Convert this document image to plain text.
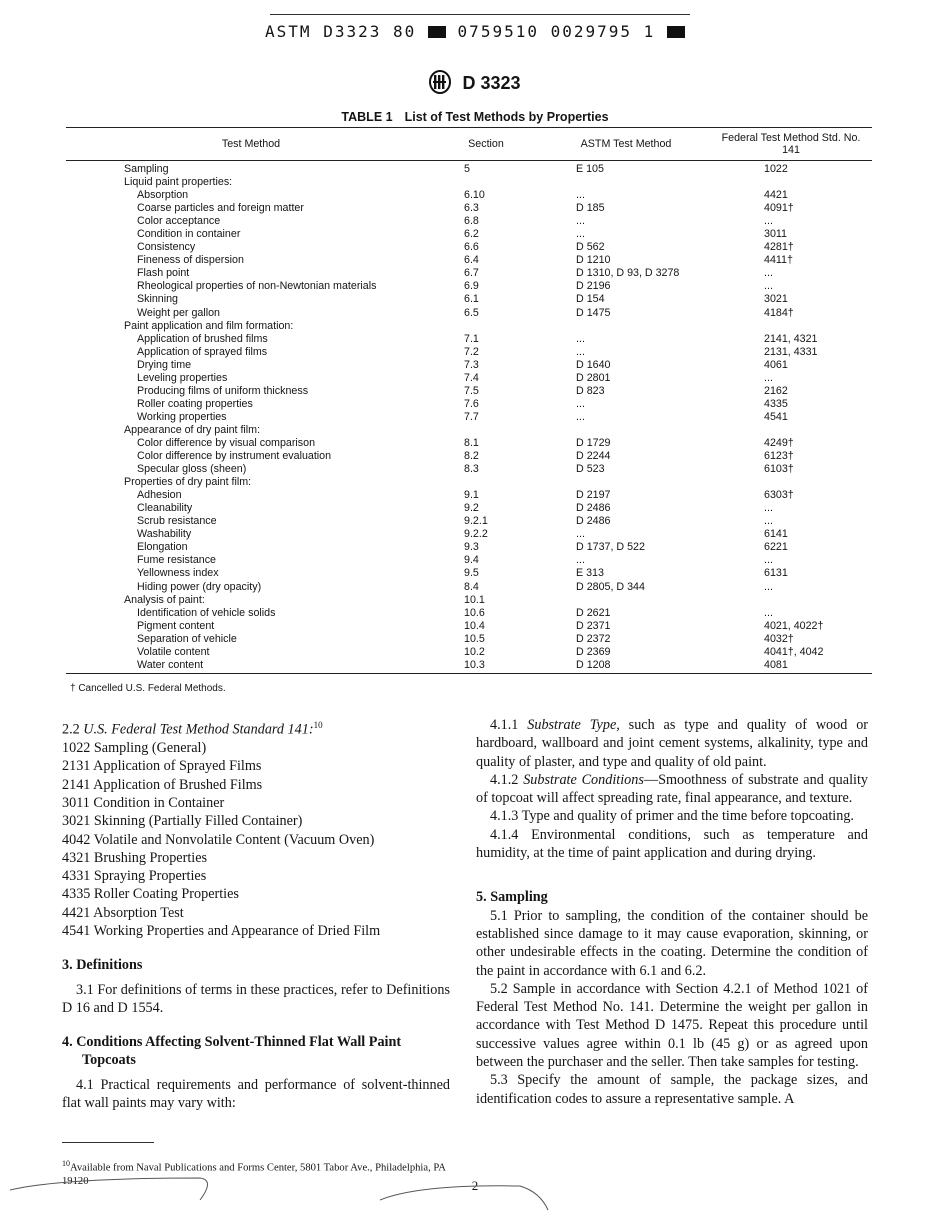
ASTM D3323 80	0759510 0029795 1
D 3323
TABLE 1 List of Test Methods by Properties
Test Method	Section	ASTM Test Method	Federal Test Method Std. No. 141
Sampling	5	E 105	1022
Liquid paint properties:
Absorption	6.10	...	4421
Coarse particles and foreign matter	6.3	D 185	4091†
Color acceptance	6.8	...	...
Condition in container	6.2	...	3011
Consistency	6.6	D 562	4281†
Fineness of dispersion	6.4	D 1210	4411†
Flash point	6.7	D 1310, D 93, D 3278	...
Rheological properties of non-Newtonian materials	6.9	D 2196	...
Skinning	6.1	D 154	3021
Weight per gallon	6.5	D 1475	4184†
Paint application and film formation:
Application of brushed films	7.1	...	2141, 4321
Application of sprayed films	7.2	...	2131, 4331
Drying time	7.3	D 1640	4061
Leveling properties	7.4	D 2801	...
Producing films of uniform thickness	7.5	D 823	2162
Roller coating properties	7.6	...	4335
Working properties	7.7	...	4541
Appearance of dry paint film:
Color difference by visual comparison	8.1	D 1729	4249†
Color difference by instrument evaluation	8.2	D 2244	6123†
Specular gloss (sheen)	8.3	D 523	6103†
Properties of dry paint film:
Adhesion	9.1	D 2197	6303†
Cleanability	9.2	D 2486	...
Scrub resistance	9.2.1	D 2486	...
Washability	9.2.2	...	6141
Elongation	9.3	D 1737, D 522	6221
Fume resistance	9.4	...	...
Yellowness index	9.5	E 313	6131
Hiding power (dry opacity)	8.4	D 2805, D 344	...
Analysis of paint:	10.1
Identification of vehicle solids	10.6	D 2621	...
Pigment content	10.4	D 2371	4021, 4022†
Separation of vehicle	10.5	D 2372	4032†
Volatile content	10.2	D 2369	4041†, 4042
Water content	10.3	D 1208	4081
† Cancelled U.S. Federal Methods.

2.2 U.S. Federal Test Method Standard 141:$^{10}$

1022 Sampling (General)
2131 Application of Sprayed Films
2141 Application of Brushed Films
3011 Condition in Container
3021 Skinning (Partially Filled Container)
4042 Volatile and Nonvolatile Content (Vacuum Oven)
4321 Brushing Properties
4331 Spraying Properties
4335 Roller Coating Properties
4421 Absorption Test
4541 Working Properties and Appearance of Dried Film

3. Definitions

3.1 For definitions of terms in these practices, refer to Definitions D 16 and D 1554.

4. Conditions Affecting Solvent-Thinned Flat Wall Paint Topcoats

4.1 Practical requirements and performance of solvent-thinned flat wall paints may vary with:

$^{10}$Available from Naval Publications and Forms Center, 5801 Tabor Ave., Philadelphia, PA 19120

4.1.1 Substrate Type, such as type and quality of wood or hardboard, wallboard and joint cement systems, alkalinity, type and quality of plaster, and type and quality of old paint.

4.1.2 Substrate Conditions—Smoothness of substrate and quality of topcoat will affect spreading rate, final appearance, and texture.

4.1.3 Type and quality of primer and the time before topcoating.

4.1.4 Environmental conditions, such as temperature and humidity, at the time of paint application and during drying.

5. Sampling

5.1 Prior to sampling, the condition of the container should be established since damage to it may cause evaporation, skinning, or other undesirable effects in the coating. Determine the condition of the paint in accordance with 6.1 and 6.2.

5.2 Sample in accordance with Section 4.2.1 of Method 1021 of Federal Test Method No. 141. Determine the weight per gallon in accordance with Test Method D 1475. Repeat this procedure until successive values agree within 0.1 lb (45 g) or as agreed upon between the purchaser and the seller. Then take samples for testing.

5.3 Specify the amount of sample, the package sizes, and identification codes to assure a representative sample. A

2
